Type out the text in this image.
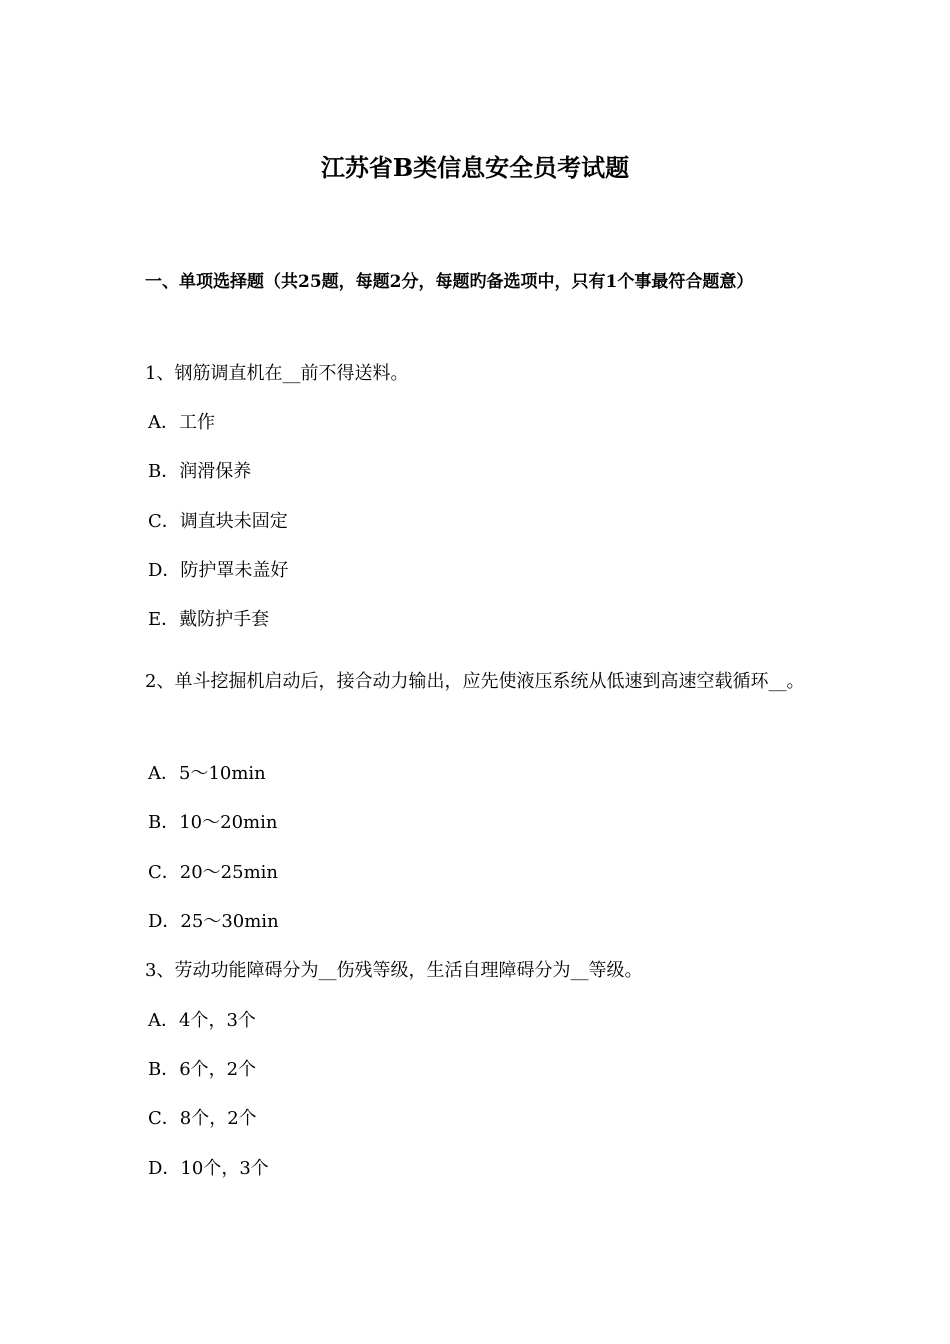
江苏省B类信息安全员考试题
一、单项选择题（共25题，每题2分，每题旳备选项中，只有1个事最符合题意）
1、钢筋调直机在__前不得送料。
A．工作
B．润滑保养
C．调直块未固定
D．防护罩未盖好
E．戴防护手套
2、单斗挖掘机启动后，接合动力输出，应先使液压系统从低速到高速空载循环__。
A．5～10min
B．10～20min
C．20～25min
D．25～30min
3、劳动功能障碍分为__伤残等级，生活自理障碍分为__等级。
A．4个，3个
B．6个，2个
C．8个，2个
D．10个，3个
